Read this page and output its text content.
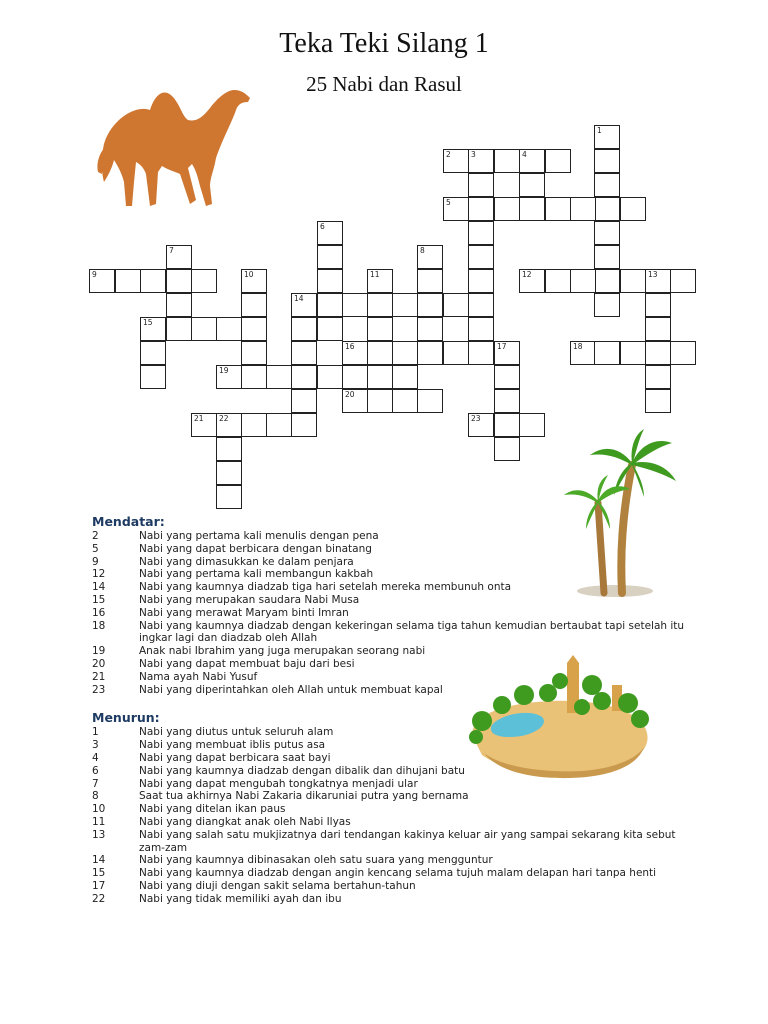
Teka Teki Silang 1
25 Nabi dan Rasul
1
2	3	4
5
6
7	8
9	10	11	12	13
14
15
16	17	18
19
20
21 22	23
Mendatar:
2	Nabi yang pertama kali menulis dengan pena
5	Nabi yang dapat berbicara dengan binatang
9	Nabi yang dimasukkan ke dalam penjara
12	Nabi yang pertama kali membangun kakbah
14	Nabi yang kaumnya diadzab tiga hari setelah mereka membunuh onta
15	Nabi yang merupakan saudara Nabi Musa
16	Nabi yang merawat Maryam binti Imran
18	Nabi yang kaumnya diadzab dengan kekeringan selama tiga tahun kemudian bertaubat tapi setelah itu ingkar lagi dan diadzab oleh Allah
19	Anak nabi Ibrahim yang juga merupakan seorang nabi
20	Nabi yang dapat membuat baju dari besi
21	Nama ayah Nabi Yusuf
23	Nabi yang diperintahkan oleh Allah untuk membuat kapal
Menurun:
1	Nabi yang diutus untuk seluruh alam
3	Nabi yang membuat iblis putus asa
4	Nabi yang dapat berbicara saat bayi
6	Nabi yang kaumnya diadzab dengan dibalik dan dihujani batu
7	Nabi yang dapat mengubah tongkatnya menjadi ular
8	Saat tua akhirnya Nabi Zakaria dikaruniai putra yang bernama
10	Nabi yang ditelan ikan paus
11	Nabi yang diangkat anak oleh Nabi Ilyas
13	Nabi yang salah satu mukjizatnya dari tendangan kakinya keluar air yang sampai sekarang kita sebut zam-zam
14	Nabi yang kaumnya dibinasakan oleh satu suara yang mengguntur
15	Nabi yang kaumnya diadzab dengan angin kencang selama tujuh malam delapan hari tanpa henti
17	Nabi yang diuji dengan sakit selama bertahun-tahun
22	Nabi yang tidak memiliki ayah dan ibu
